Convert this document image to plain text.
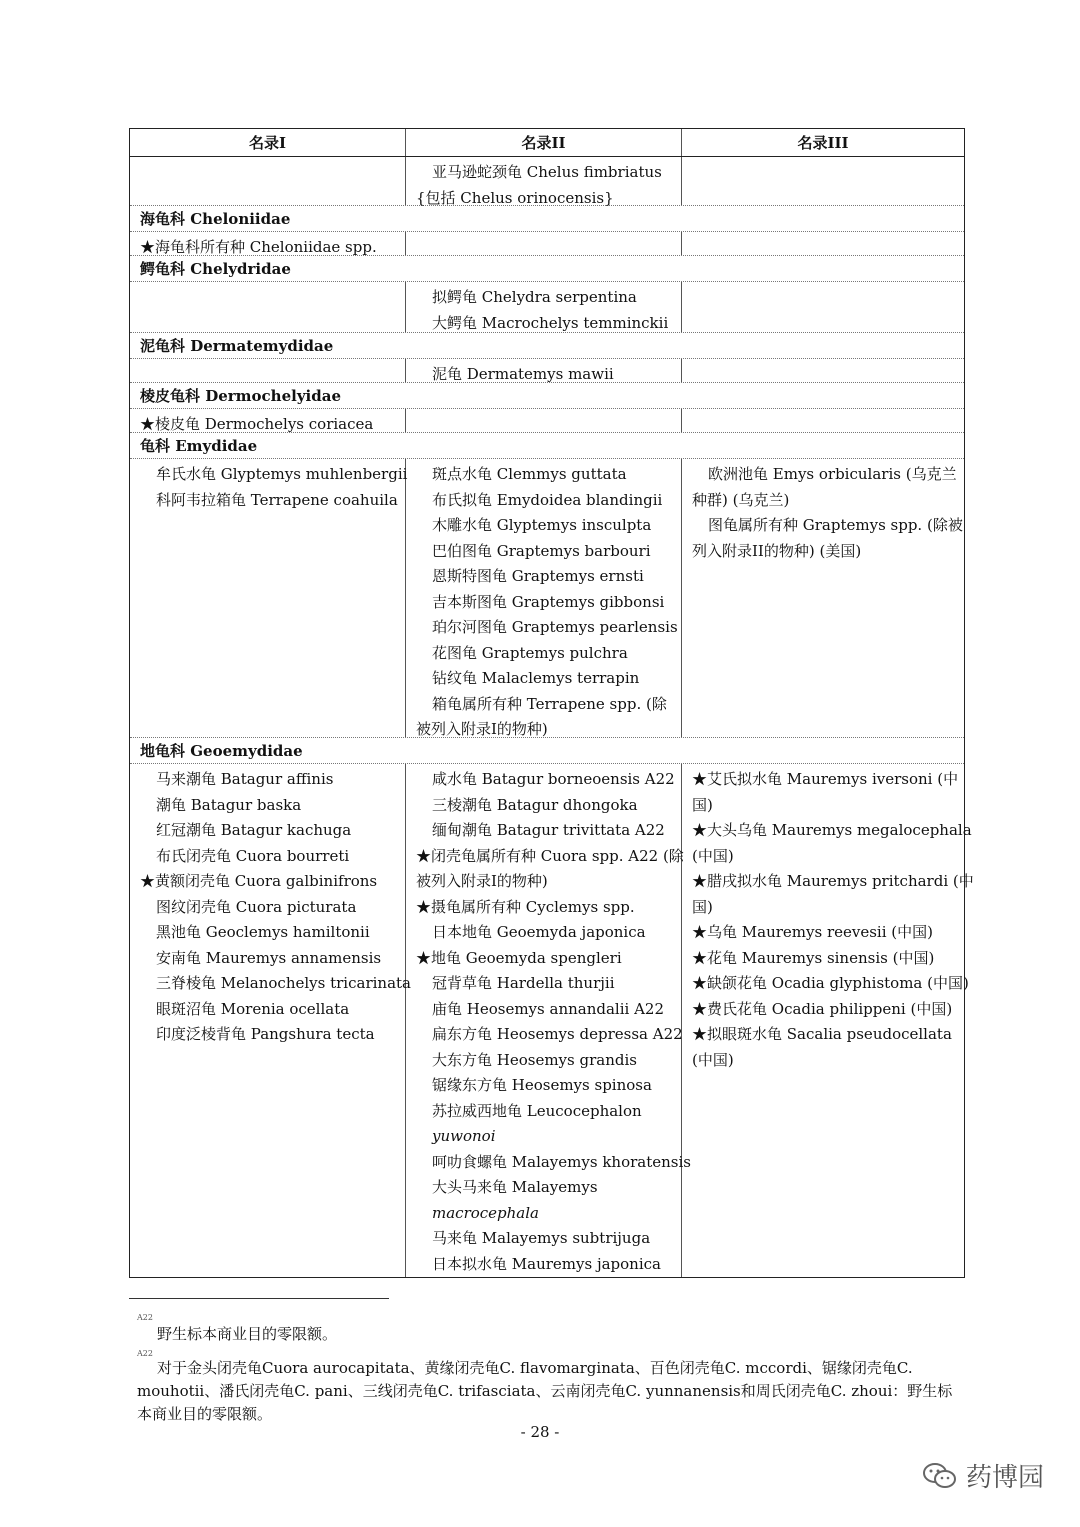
名录I	名录II	名录III
亚马逊蛇颈龟 Chelus fimbriatus
{包括 Chelus orinocensis}
海龟科 Cheloniidae
★海龟科所有种 Cheloniidae spp.
鳄龟科 Chelydridae
拟鳄龟 Chelydra serpentina
大鳄龟 Macrochelys temminckii
泥龟科 Dermatemydidae
泥龟 Dermatemys mawii
棱皮龟科 Dermochelyidae
★棱皮龟 Dermochelys coriacea
龟科 Emydidae
牟氏水龟 Glyptemys muhlenbergii
科阿韦拉箱龟 Terrapene coahuila
斑点水龟 Clemmys guttata
布氏拟龟 Emydoidea blandingii
木雕水龟 Glyptemys insculpta
巴伯图龟 Graptemys barbouri
恩斯特图龟 Graptemys ernsti
吉本斯图龟 Graptemys gibbonsi
珀尔河图龟 Graptemys pearlensis
花图龟 Graptemys pulchra
钻纹龟 Malaclemys terrapin
箱龟属所有种 Terrapene spp. (除
被列入附录I的物种)
欧洲池龟 Emys orbicularis (乌克兰
种群) (乌克兰)
图龟属所有种 Graptemys spp. (除被
列入附录II的物种) (美国)
地龟科 Geoemydidae
马来潮龟 Batagur affinis
潮龟 Batagur baska
红冠潮龟 Batagur kachuga
布氏闭壳龟 Cuora bourreti
★黄额闭壳龟 Cuora galbinifrons
图纹闭壳龟 Cuora picturata
黑池龟 Geoclemys hamiltonii
安南龟 Mauremys annamensis
三脊棱龟 Melanochelys tricarinata
眼斑沼龟 Morenia ocellata
印度泛棱背龟 Pangshura tecta
咸水龟 Batagur borneoensis A22
三棱潮龟 Batagur dhongoka
缅甸潮龟 Batagur trivittata A22
★闭壳龟属所有种 Cuora spp. A22 (除
被列入附录I的物种)
★摄龟属所有种 Cyclemys spp.
日本地龟 Geoemyda japonica
★地龟 Geoemyda spengleri
冠背草龟 Hardella thurjii
庙龟 Heosemys annandalii A22
扁东方龟 Heosemys depressa A22
大东方龟 Heosemys grandis
锯缘东方龟 Heosemys spinosa
苏拉威西地龟 Leucocephalon
yuwonoi
呵叻食螺龟 Malayemys khoratensis
大头马来龟 Malayemys
macrocephala
马来龟 Malayemys subtrijuga
日本拟水龟 Mauremys japonica
★艾氏拟水龟 Mauremys iversoni (中
国)
★大头乌龟 Mauremys megalocephala
(中国)
★腊戌拟水龟 Mauremys pritchardi (中
国)
★乌龟 Mauremys reevesii (中国)
★花龟 Mauremys sinensis (中国)
★缺颌花龟 Ocadia glyphistoma (中国)
★费氏花龟 Ocadia philippeni (中国)
★拟眼斑水龟 Sacalia pseudocellata
(中国)
A22
野生标本商业目的零限额。
A22
对于金头闭壳龟Cuora aurocapitata、黄缘闭壳龟C. flavomarginata、百色闭壳龟C. mccordi、锯缘闭壳龟C. mouhotii、潘氏闭壳龟C. pani、三线闭壳龟C. trifasciata、云南闭壳龟C. yunnanensis和周氏闭壳龟C. zhoui：野生标本商业目的零限额。
- 28 -
药博园
